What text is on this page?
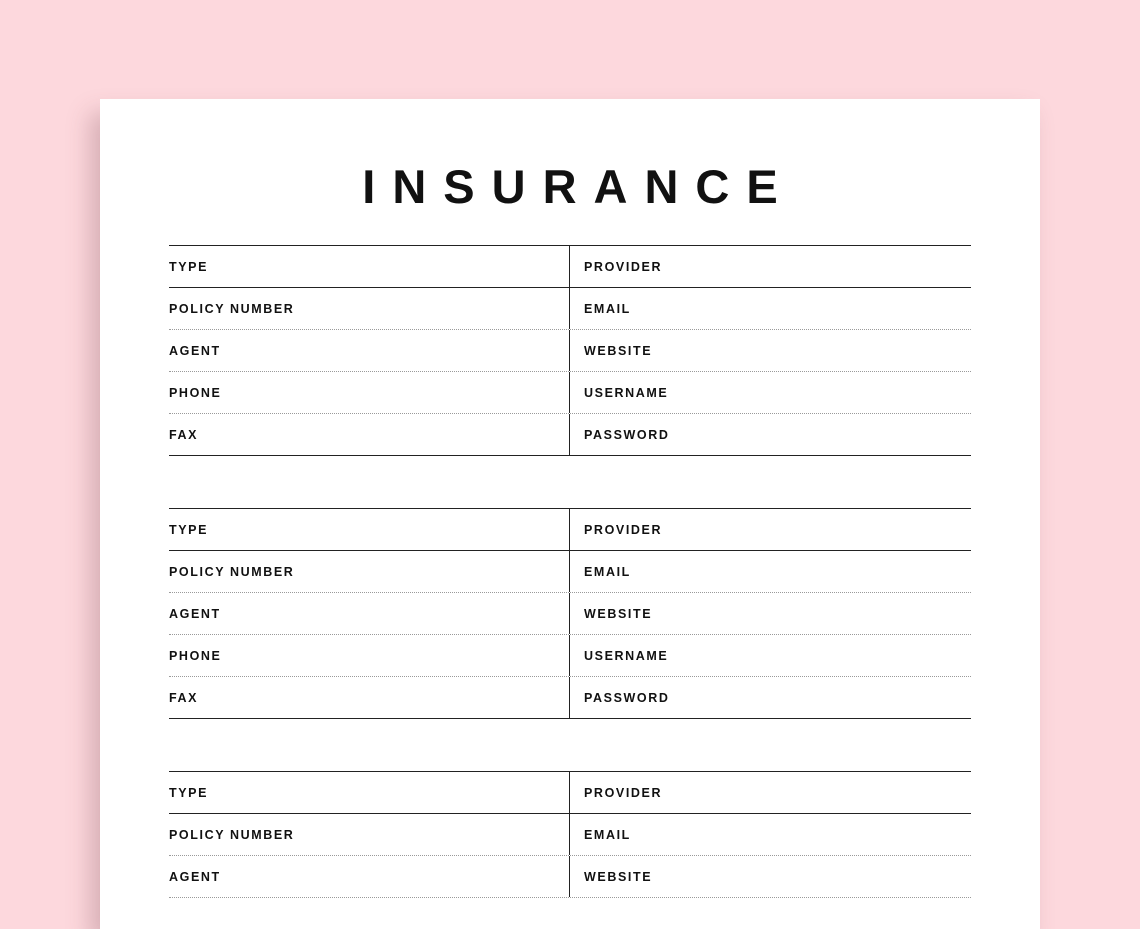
INSURANCE
TYPE	PROVIDER
POLICY NUMBER	EMAIL
AGENT	WEBSITE
PHONE	USERNAME
FAX	PASSWORD
TYPE	PROVIDER
POLICY NUMBER	EMAIL
AGENT	WEBSITE
PHONE	USERNAME
FAX	PASSWORD
TYPE	PROVIDER
POLICY NUMBER	EMAIL
AGENT	WEBSITE
